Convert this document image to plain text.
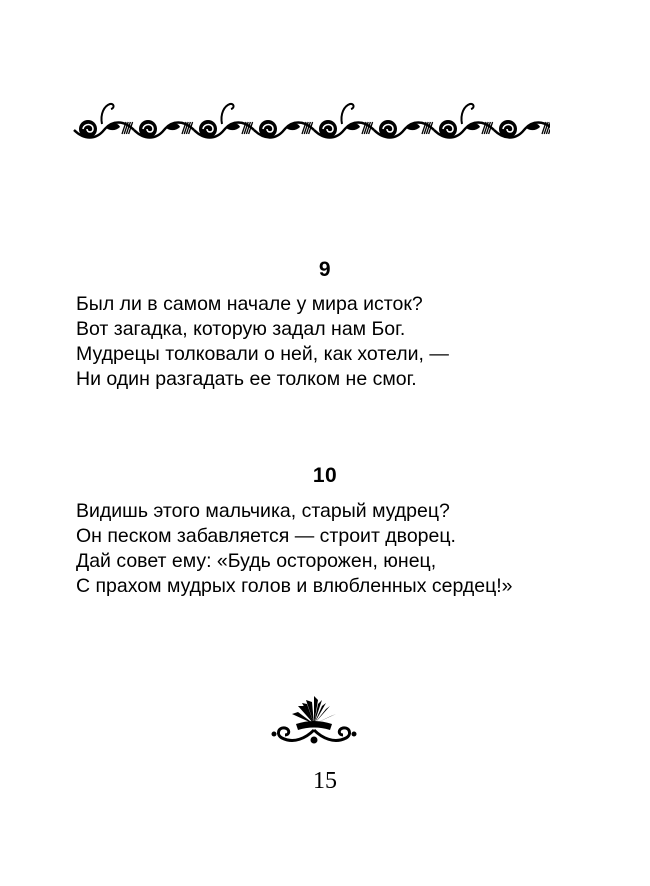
9
Был ли в самом начале у мира исток?
Вот загадка, которую задал нам Бог.
Мудрецы толковали о ней, как хотели, —
Ни один разгадать ее толком не смог.
10
Видишь этого мальчика, старый мудрец?
Он песком забавляется — строит дворец.
Дай совет ему: «Будь осторожен, юнец,
С прахом мудрых голов и влюбленных сердец!»
15
